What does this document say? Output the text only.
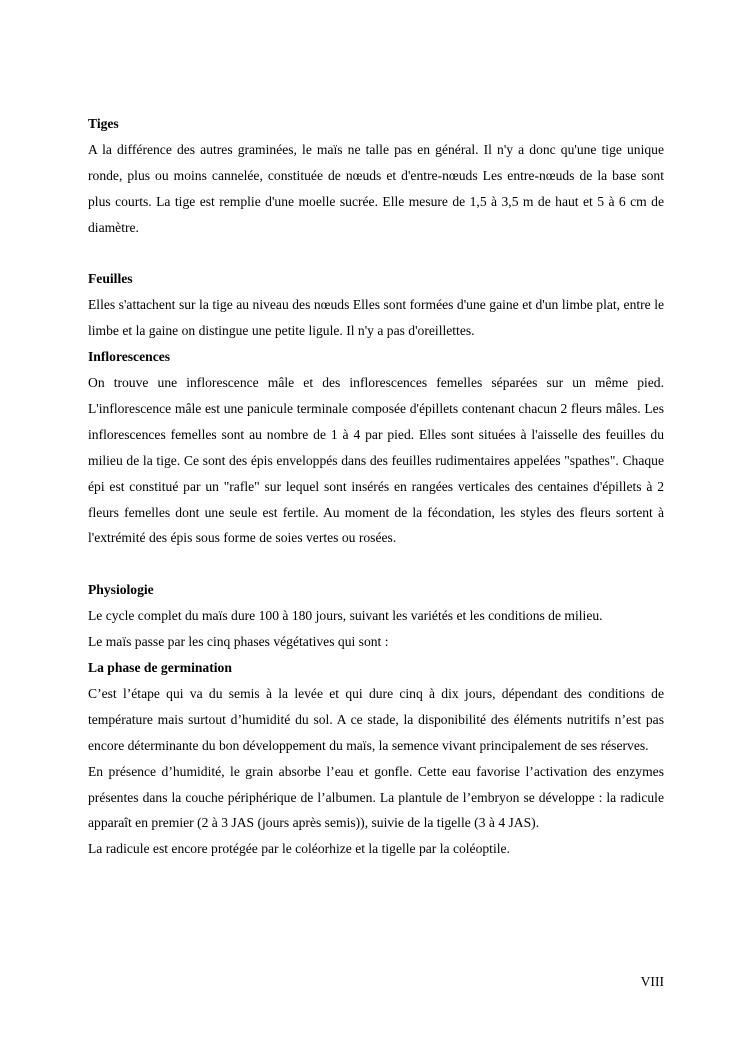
Tiges
A la différence des autres graminées, le maïs ne talle pas en général. Il n'y a donc qu'une tige unique ronde, plus ou moins cannelée, constituée de nœuds et d'entre-nœuds Les entre-nœuds de la base sont plus courts. La tige est remplie d'une moelle sucrée. Elle mesure de 1,5 à 3,5 m de haut et 5 à 6 cm de diamètre.
Feuilles
Elles s'attachent sur la tige au niveau des nœuds Elles sont formées d'une gaine et d'un limbe plat, entre le limbe et la gaine on distingue une petite ligule. Il n'y a pas d'oreillettes.
Inflorescences
On trouve une inflorescence mâle et des inflorescences femelles séparées sur un même pied. L'inflorescence mâle est une panicule terminale composée d'épillets contenant chacun 2 fleurs mâles. Les inflorescences femelles sont au nombre de 1 à 4 par pied. Elles sont situées à l'aisselle des feuilles du milieu de la tige. Ce sont des épis enveloppés dans des feuilles rudimentaires appelées "spathes". Chaque épi est constitué par un "rafle" sur lequel sont insérés en rangées verticales des centaines d'épillets à 2 fleurs femelles dont une seule est fertile. Au moment de la fécondation, les styles des fleurs sortent à l'extrémité des épis sous forme de soies vertes ou rosées.
Physiologie
Le cycle complet du maïs dure 100 à 180 jours, suivant les variétés et les conditions de milieu.
Le maïs passe par les cinq phases végétatives qui sont :
La phase de germination
C’est l’étape qui va du semis à la levée et qui dure cinq à dix jours, dépendant des conditions de température mais surtout d’humidité du sol. A ce stade, la disponibilité des éléments nutritifs n’est pas encore déterminante du bon développement du maïs, la semence vivant principalement de ses réserves.
En présence d’humidité, le grain absorbe l’eau et gonfle. Cette eau favorise l’activation des enzymes présentes dans la couche périphérique de l’albumen. La plantule de l’embryon se développe : la radicule apparaît en premier (2 à 3 JAS (jours après semis)), suivie de la tigelle (3 à 4 JAS).
La radicule est encore protégée par le coléorhize et la tigelle par la coléoptile.
VIII
